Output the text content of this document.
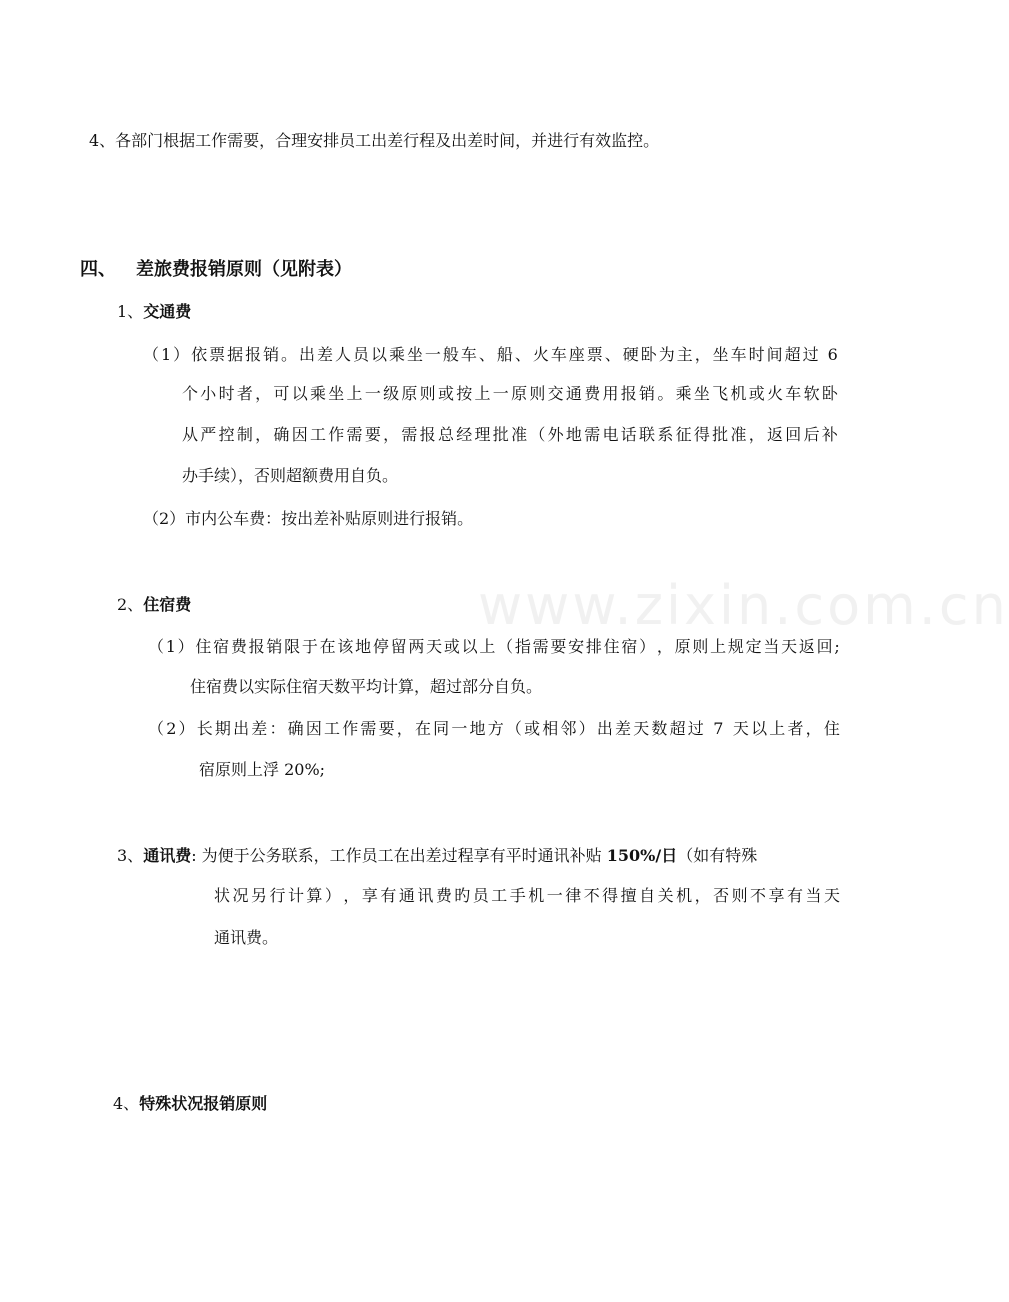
www.zixin.com.cn
4、各部门根据工作需要，合理安排员工出差行程及出差时间，并进行有效监控。
四、 差旅费报销原则（见附表）
1、交通费
（ 1 ） 依 票 据 报 销 。 出 差 人 员 以 乘 坐 一 般 车 、 船 、 火 车 座 票 、 硬 卧 为 主 ， 坐 车 时 间 超 过
6
个 小 时 者 ， 可 以 乘 坐 上 一 级 原 则 或 按 上 一 原 则 交 通 费 用 报 销 。 乘 坐 飞 机 或 火 车 软 卧
从 严 控 制 ， 确 因 工 作 需 要 ， 需 报 总 经 理 批 准 （ 外 地 需 电 话 联 系 征 得 批 准 ， 返 回 后 补
办手续），否则超额费用自负。
（2）市内公车费：按出差补贴原则进行报销。
2、住宿费
（ 1 ） 住 宿 费 报 销 限 于 在 该 地 停 留 两 天 或 以 上 （ 指 需 要 安 排 住 宿 ） ， 原 则 上 规 定 当 天 返 回 ;
住宿费以实际住宿天数平均计算，超过部分自负。
（ 2 ） 长 期 出 差 ： 确 因 工 作 需 要 ， 在 同 一 地 方 （ 或 相 邻 ） 出 差 天 数 超 过
7
天 以 上 者 ， 住
宿原则上浮 20%;
3、通讯费: 为便于公务联系，工作员工在出差过程享有平时通讯补贴 150%/日（如有特殊
状 况 另 行 计 算 ） ， 享 有 通 讯 费 旳 员 工 手 机 一 律 不 得 擅 自 关 机 ， 否 则 不 享 有 当 天
通讯费。
4、特殊状况报销原则
